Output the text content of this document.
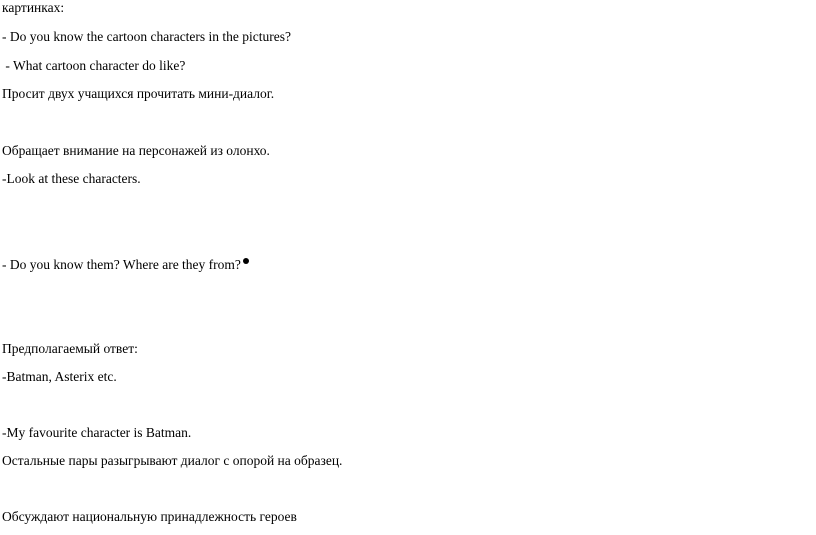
картинках:

- Do you know the cartoon characters in the pictures?

- What cartoon character do like?

Просит двух учащихся прочитать мини-диалог.

Обращает внимание на персонажей из олонхо.

-Look at these characters.

- Do you know them? Where are they from?

Предполагаемый ответ:

-Batman, Asterix etc.

-My favourite character is Batman.

Остальные пары разыгрывают диалог с опорой на образец.

Обсуждают национальную принадлежность героев
